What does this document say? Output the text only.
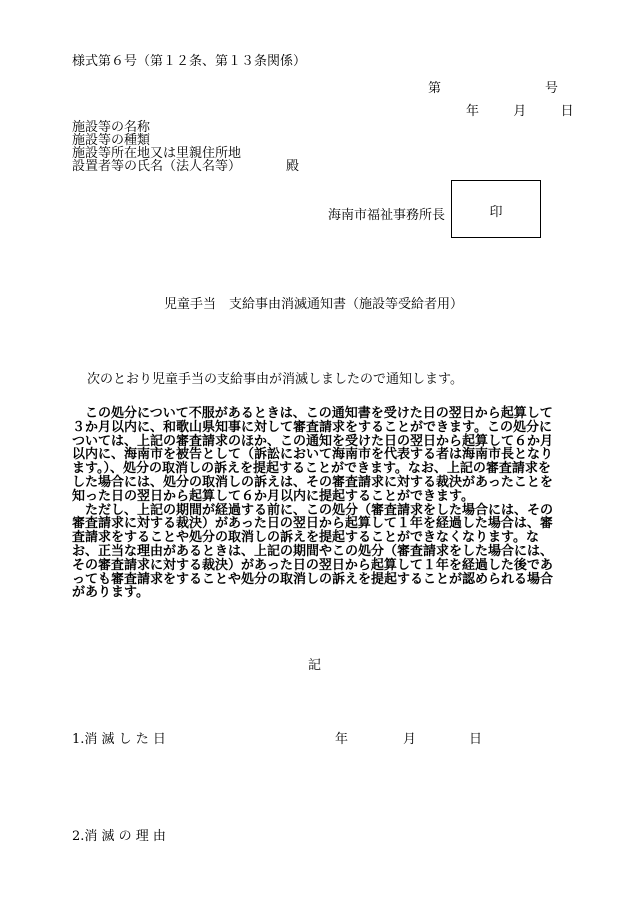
様式第６号（第１２条、第１３条関係）
第	号
年	月	日
施設等の名称
施設等の種類
施設等所在地又は里親住所地
設置者等の氏名（法人名等）	殿
海南市福祉事務所長	印
児童手当　支給事由消滅通知書（施設等受給者用）
次のとおり児童手当の支給事由が消滅しましたので通知します。

この処分について不服があるときは、この通知書を受けた日の翌日から起算して３か月以内に、和歌山県知事に対して審査請求をすることができます。この処分については、上記の審査請求のほか、この通知を受けた日の翌日から起算して６か月以内に、海南市を被告として（訴訟において海南市を代表する者は海南市長となります。）、処分の取消しの訴えを提起することができます。なお、上記の審査請求をした場合には、処分の取消しの訴えは、その審査請求に対する裁決があったことを知った日の翌日から起算して６か月以内に提起することができます。

ただし、上記の期間が経過する前に、この処分（審査請求をした場合には、その審査請求に対する裁決）があった日の翌日から起算して１年を経過した場合は、審査請求をすることや処分の取消しの訴えを提起することができなくなります。なお、正当な理由があるときは、上記の期間やこの処分（審査請求をした場合には、その審査請求に対する裁決）があった日の翌日から起算して１年を経過した後であっても審査請求をすることや処分の取消しの訴えを提起することが認められる場合があります。

記
1.消 滅 し た 日	年	月	日
2.消 滅 の 理 由
